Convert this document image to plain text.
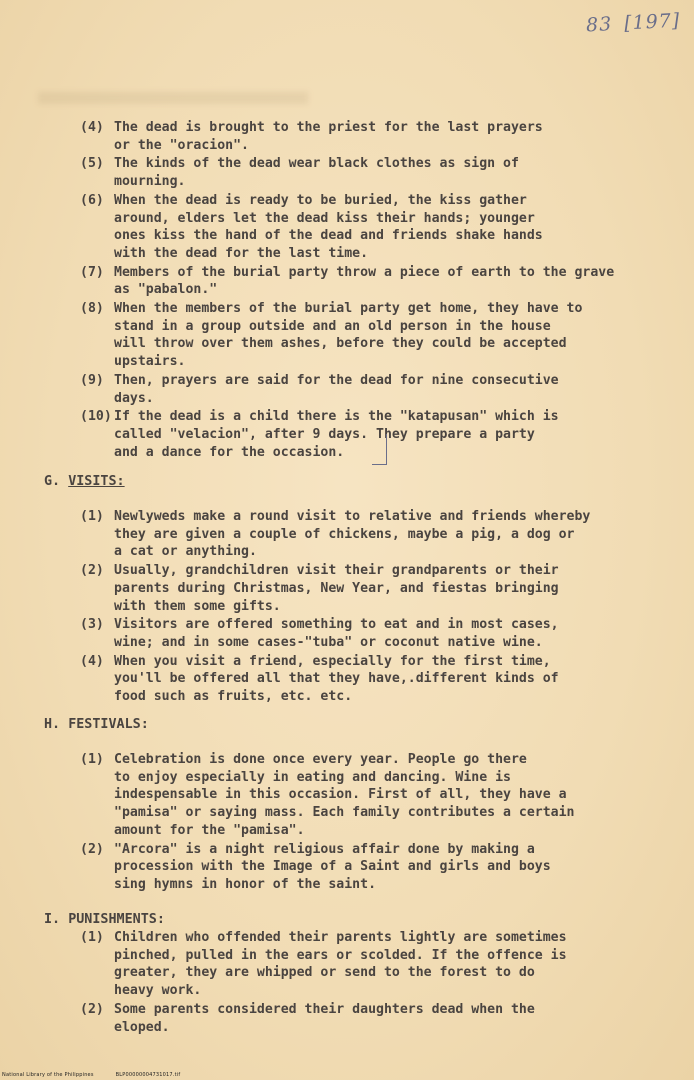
83 [197]
(4) The dead is brought to the priest for the last prayers
or the "oracion".
(5) The kinds of the dead wear black clothes as sign of
mourning.
(6) When the dead is ready to be buried, the kiss gather
around, elders let the dead kiss their hands; younger
ones kiss the hand of the dead and friends shake hands
with the dead for the last time.
(7) Members of the burial party throw a piece of earth to the grave
as "pabalon."
(8) When the members of the burial party get home, they have to
stand in a group outside and an old person in the house
will throw over them ashes, before they could be accepted
upstairs.
(9) Then, prayers are said for the dead for nine consecutive
days.
(10) If the dead is a child there is the "katapusan" which is
called "velacion", after 9 days. They prepare a party
and a dance for the occasion.
G. VISITS:
(1) Newlyweds make a round visit to relative and friends whereby
they are given a couple of chickens, maybe a pig, a dog or
a cat or anything.
(2) Usually, grandchildren visit their grandparents or their
parents during Christmas, New Year, and fiestas bringing
with them some gifts.
(3) Visitors are offered something to eat and in most cases,
wine; and in some cases-"tuba" or coconut native wine.
(4) When you visit a friend, especially for the first time,
you'll be offered all that they have,.different kinds of
food such as fruits, etc. etc.
H. FESTIVALS:
(1) Celebration is done once every year. People go there
to enjoy especially in eating and dancing. Wine is
indespensable in this occasion. First of all, they have a
"pamisa" or saying mass. Each family contributes a certain
amount for the "pamisa".
(2) "Arcora" is a night religious affair done by making a
procession with the Image of a Saint and girls and boys
sing hymns in honor of the saint.
I. PUNISHMENTS:
(1) Children who offended their parents lightly are sometimes
pinched, pulled in the ears or scolded. If the offence is
greater, they are whipped or send to the forest to do
heavy work.
(2) Some parents considered their daughters dead when the
eloped.
National Library of the Philippines	BLP00000004731017.tif
